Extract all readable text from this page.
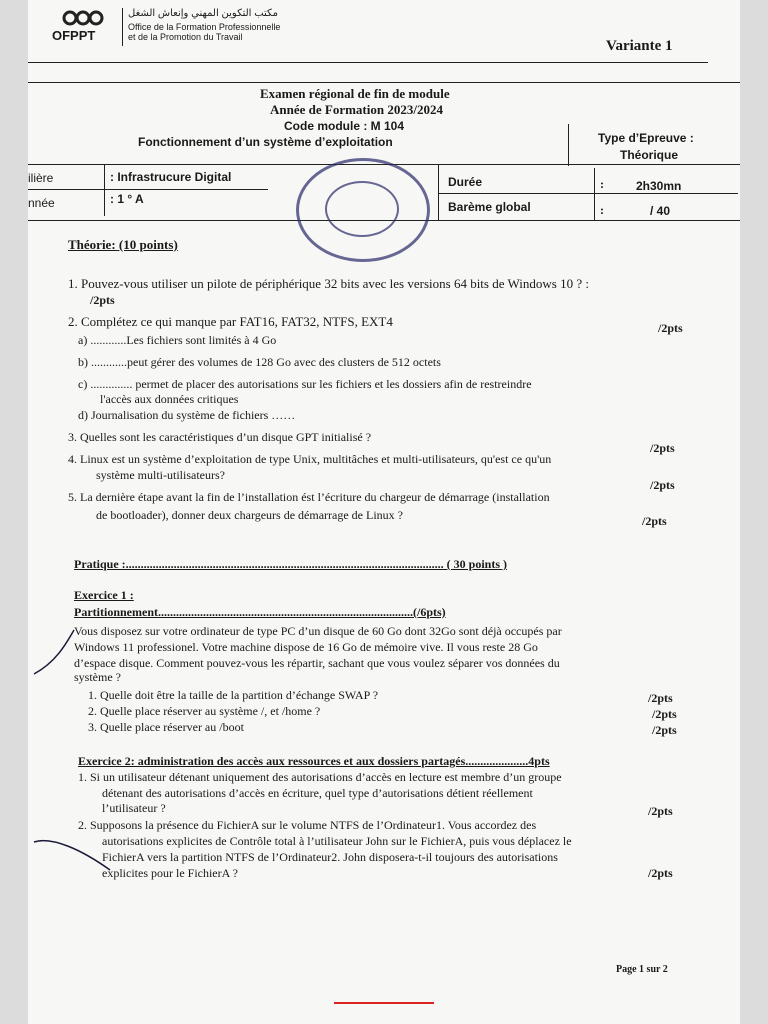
OFPPT
مكتب التكوين المهني وإنعاش الشغل
Office de la Formation Professionnelle
et de la Promotion du Travail
Variante 1
Examen régional de fin de module
Année de Formation 2023/2024
Code module : M 104
Fonctionnement d’un système d’exploitation	Type d’Epreuve :
Théorique
ilière	: Infrastrucure Digital
nnée	: 1 ° A
Durée	:	2h30mn
Barème global	:	/ 40
Théorie: (10 points)
1. Pouvez-vous utiliser un pilote de périphérique 32 bits avec les versions 64 bits de Windows 10 ? :
/2pts
2. Complétez ce qui manque par FAT16, FAT32, NTFS, EXT4	/2pts
a) ............Les fichiers sont limités à 4 Go
b) ............peut gérer des volumes de 128 Go avec des clusters de 512 octets
c) .............. permet de placer des autorisations sur les fichiers et les dossiers afin de restreindre
l'accès aux données critiques
d) Journalisation du système de fichiers ……
3. Quelles sont les caractéristiques d’un disque GPT initialisé ?
/2pts
4. Linux est un système d’exploitation de type Unix, multitâches et multi-utilisateurs, qu'est ce qu'un
système multi-utilisateurs?
/2pts
5. La dernière étape avant la fin de l’installation ést l’écriture du chargeur de démarrage (installation
de bootloader), donner deux chargeurs de démarrage de Linux ?	/2pts
Pratique :.......................................................................................................... ( 30 points )
Exercice 1 :
Partitionnement.....................................................................................(/6pts)
Vous disposez sur votre ordinateur de type PC d’un disque de 60 Go dont 32Go sont déjà occupés par
Windows 11 professionel. Votre machine dispose de 16 Go de mémoire vive. Il vous reste 28 Go
d’espace disque. Comment pouvez-vous les répartir, sachant que vous voulez séparer vos données du
système ?
1. Quelle doit être la taille de la partition d’échange SWAP ?	/2pts
2. Quelle place réserver au système /, et /home ?	/2pts
3. Quelle place réserver au /boot	/2pts
Exercice 2: administration des accès aux ressources et aux dossiers partagés.....................4pts
1. Si un utilisateur détenant uniquement des autorisations d’accès en lecture est membre d’un groupe
détenant des autorisations d’accès en écriture, quel type d’autorisations détient réellement
l’utilisateur ?	/2pts
2. Supposons la présence du FichierA sur le volume NTFS de l’Ordinateur1. Vous accordez des
autorisations explicites de Contrôle total à l’utilisateur John sur le FichierA, puis vous déplacez le
FichierA vers la partition NTFS de l’Ordinateur2. John disposera-t-il toujours des autorisations
explicites pour le FichierA ?	/2pts
Page 1 sur 2
